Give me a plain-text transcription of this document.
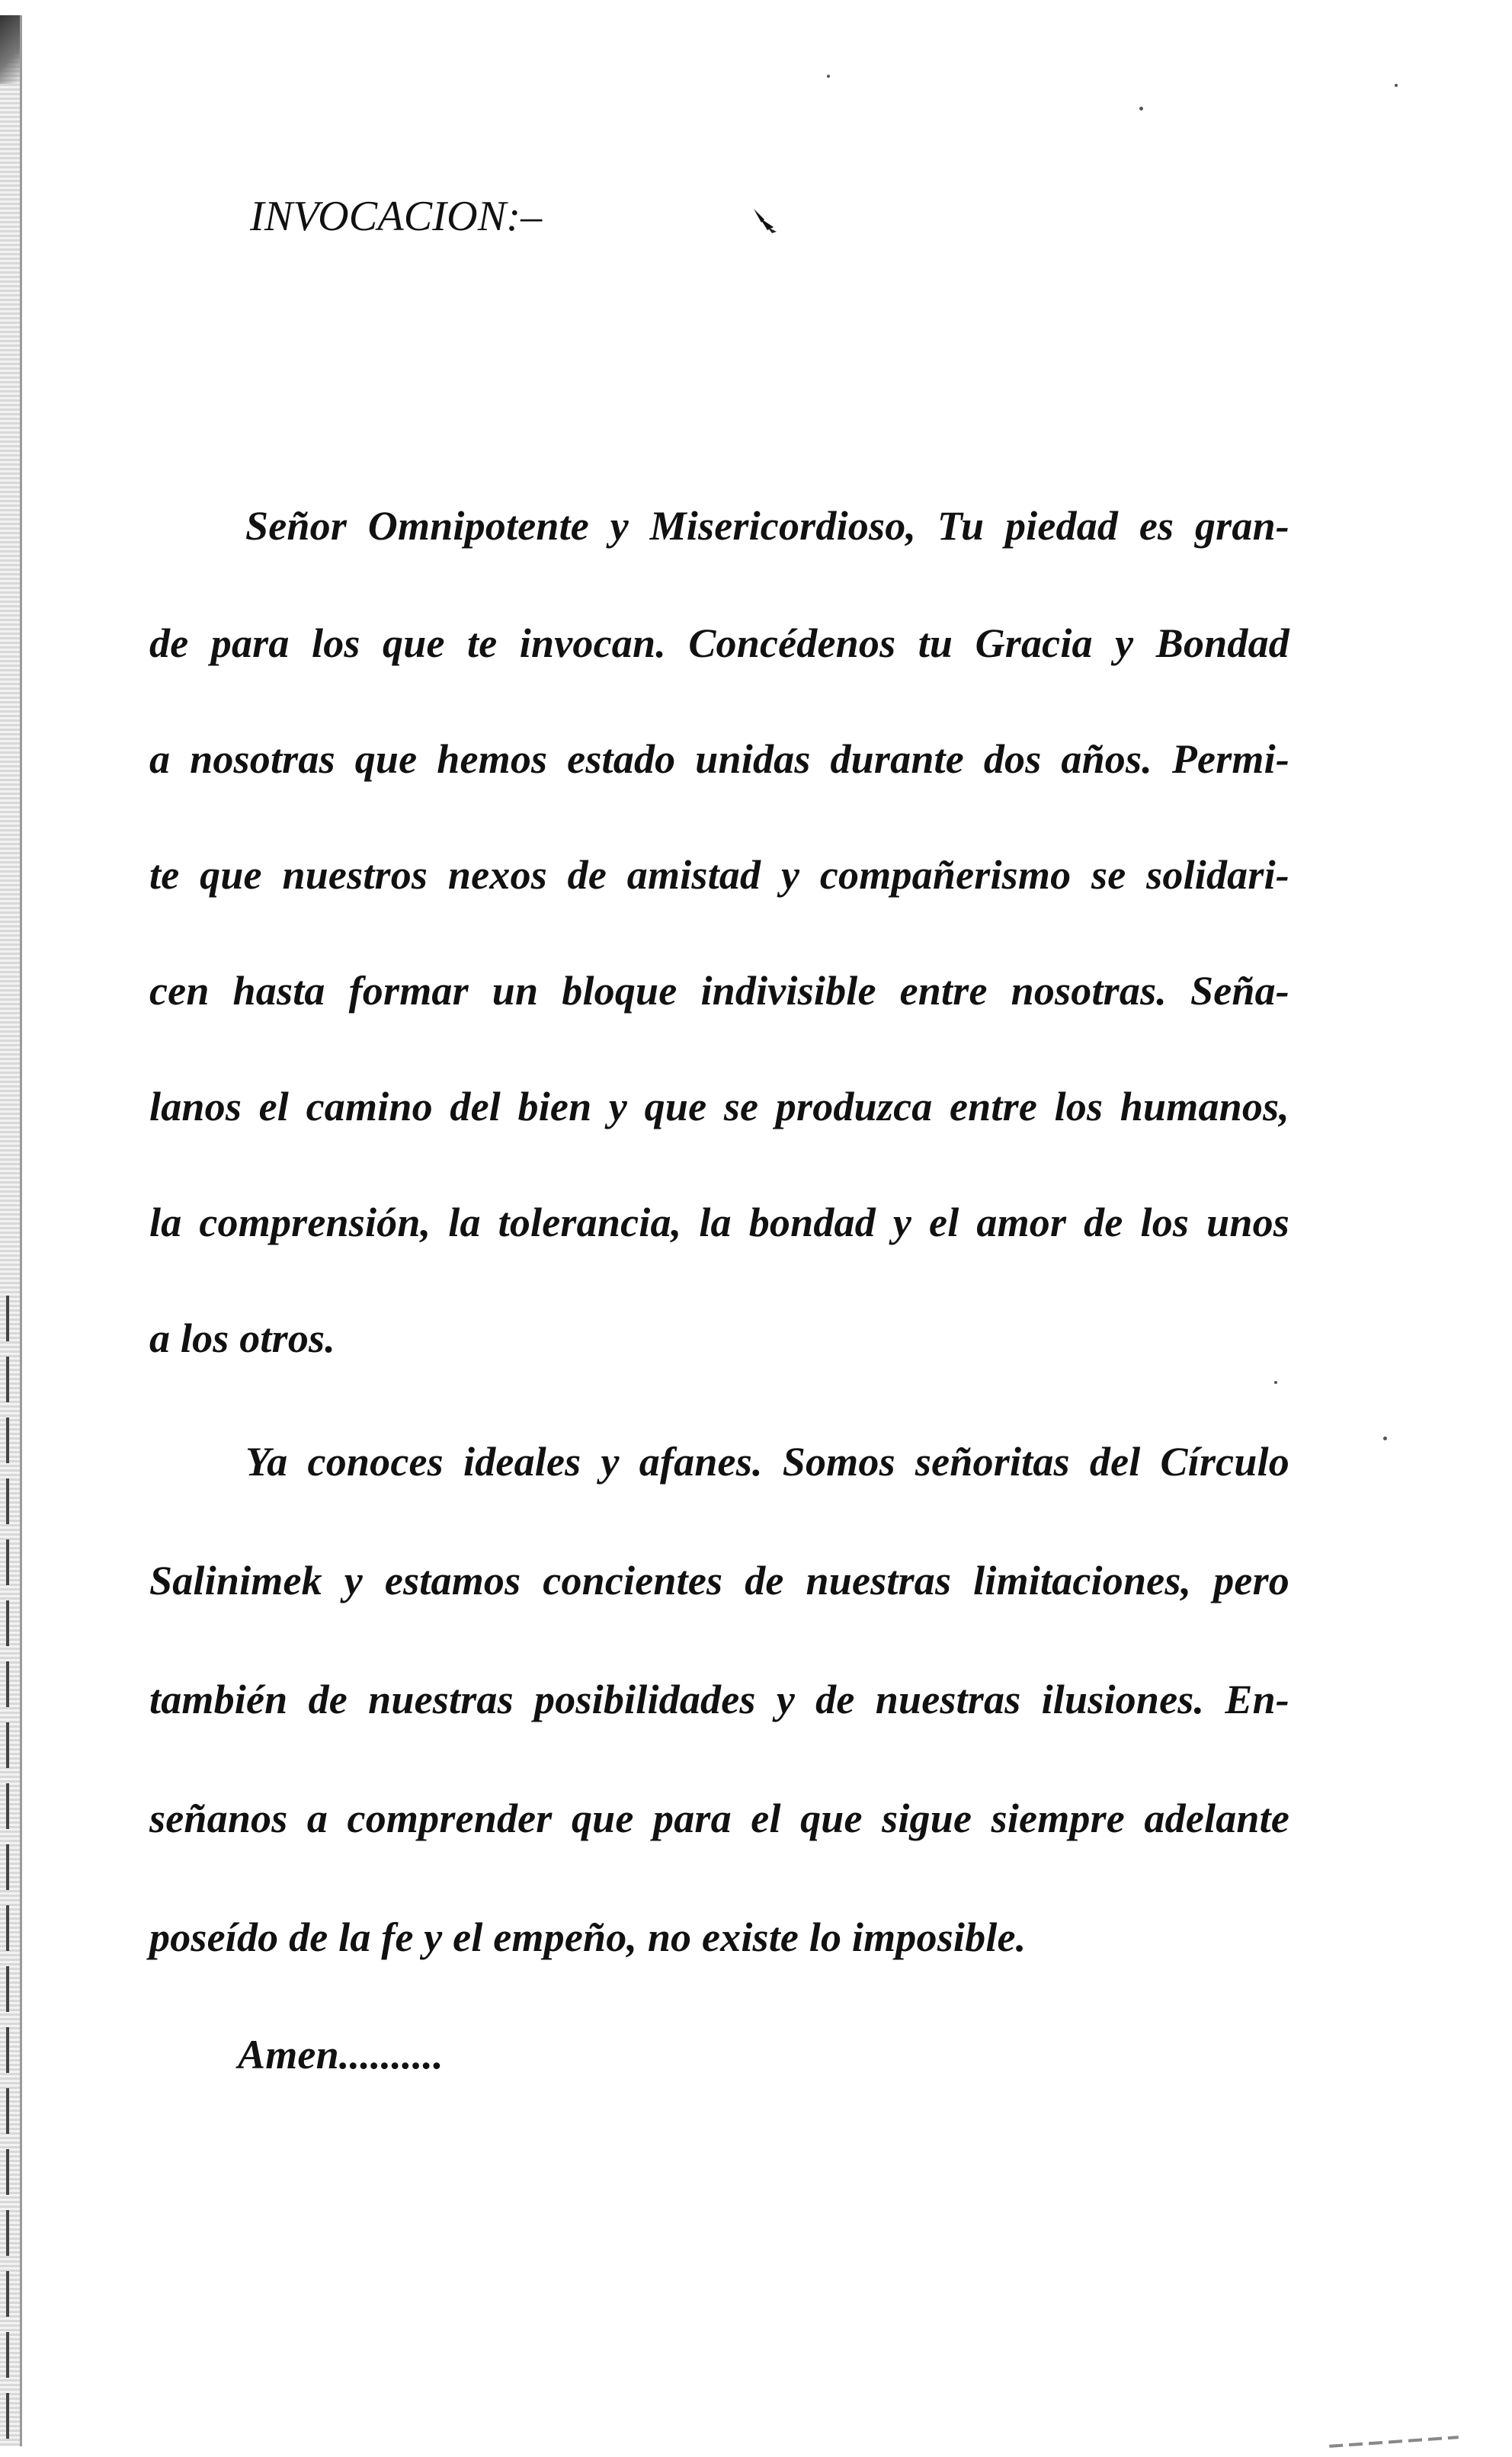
INVOCACION:–

Señor Omnipotente y Misericordioso, Tu piedad es gran-

de para los que te invocan. Concédenos tu Gracia y Bondad

a nosotras que hemos estado unidas durante dos años. Permi-

te que nuestros nexos de amistad y compañerismo se solidari-

cen hasta formar un bloque indivisible entre nosotras. Seña-

lanos el camino del bien y que se produzca entre los humanos,

la comprensión, la tolerancia, la bondad y el amor de los unos

a los otros.

Ya conoces ideales y afanes. Somos señoritas del Círculo

Salinimek y estamos concientes de nuestras limitaciones, pero

también de nuestras posibilidades y de nuestras ilusiones. En-

señanos a comprender que para el que sigue siempre adelante

poseído de la fe y el empeño, no existe lo imposible.

Amen..........
